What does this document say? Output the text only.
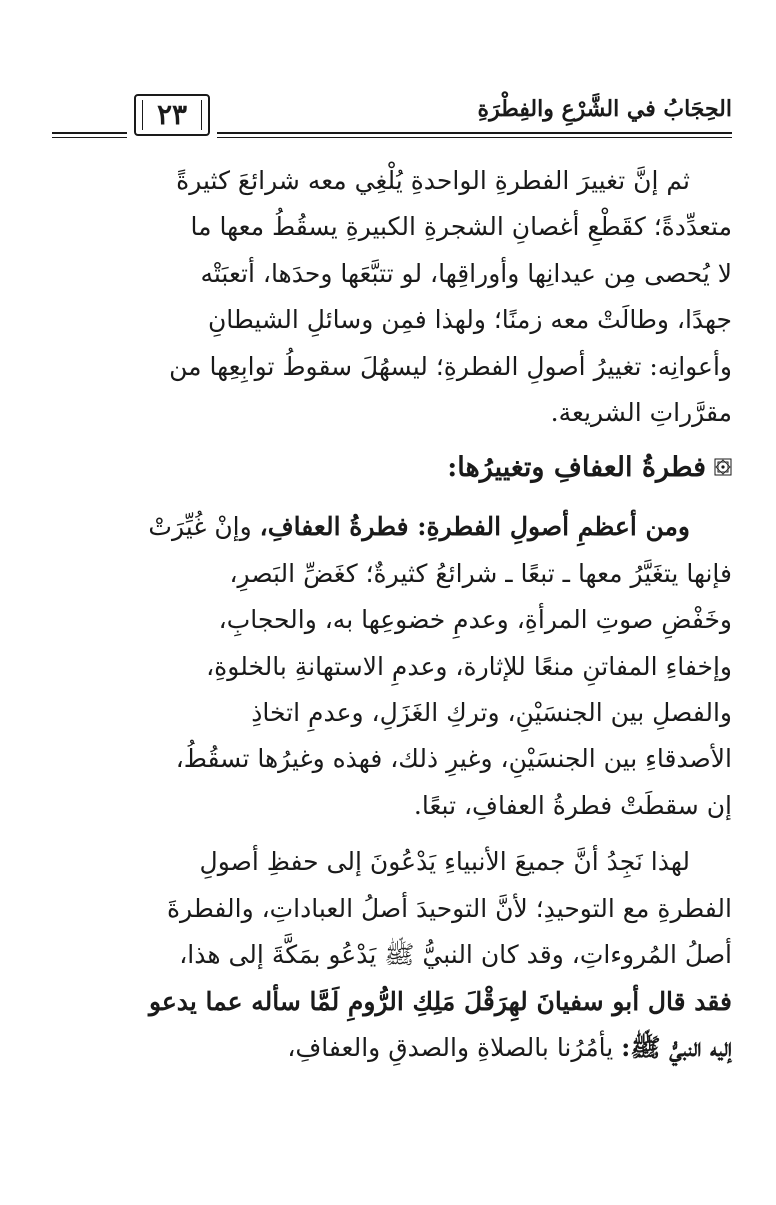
الحِجَابُ في الشَّرْعِ والفِطْرَةِ
٢٣

ثم إنَّ تغييرَ الفطرةِ الواحدةِ يُلْغِي معه شرائعَ كثيرةً
متعدِّدةً؛ كقَطْعِ أغصانِ الشجرةِ الكبيرةِ يسقُطُ معها ما
لا يُحصى مِن عيدانِها وأوراقِها، لو تتبَّعَها وحدَها، أتعبَتْه
جهدًا، وطالَتْ معه زمنًا؛ ولهذا فمِن وسائلِ الشيطانِ
وأعوانِه: تغييرُ أصولِ الفطرةِ؛ ليسهُلَ سقوطُ توابِعِها من
مقرَّراتِ الشريعة.

فطرةُ العفافِ وتغييرُها:

ومن أعظمِ أصولِ الفطرةِ: فطرةُ العفافِ، وإنْ غُيِّرَتْ
فإنها يتغَيَّرُ معها ـ تبعًا ـ شرائعُ كثيرةٌ؛ كغَضِّ البَصرِ،
وخَفْضِ صوتِ المرأةِ، وعدمِ خضوعِها به، والحجابِ،
وإخفاءِ المفاتنِ منعًا للإثارة، وعدمِ الاستهانةِ بالخلوةِ،
والفصلِ بين الجنسَيْنِ، وتركِ الغَزَلِ، وعدمِ اتخاذِ
الأصدقاءِ بين الجنسَيْنِ، وغيرِ ذلك، فهذه وغيرُها تسقُطُ،
إن سقطَتْ فطرةُ العفافِ، تبعًا.

لهذا نَجِدُ أنَّ جميعَ الأنبياءِ يَدْعُونَ إلى حفظِ أصولِ
الفطرةِ مع التوحيدِ؛ لأنَّ التوحيدَ أصلُ العباداتِ، والفطرةَ
أصلُ المُروءاتِ، وقد كان النبيُّ ﷺ يَدْعُو بمَكَّةَ إلى هذا،
فقد قال أبو سفيانَ لهِرَقْلَ مَلِكِ الرُّومِ لَمَّا سأله عما يدعو
إليه النبيُّ ﷺ: يأمُرُنا بالصلاةِ والصدقِ والعفافِ،
